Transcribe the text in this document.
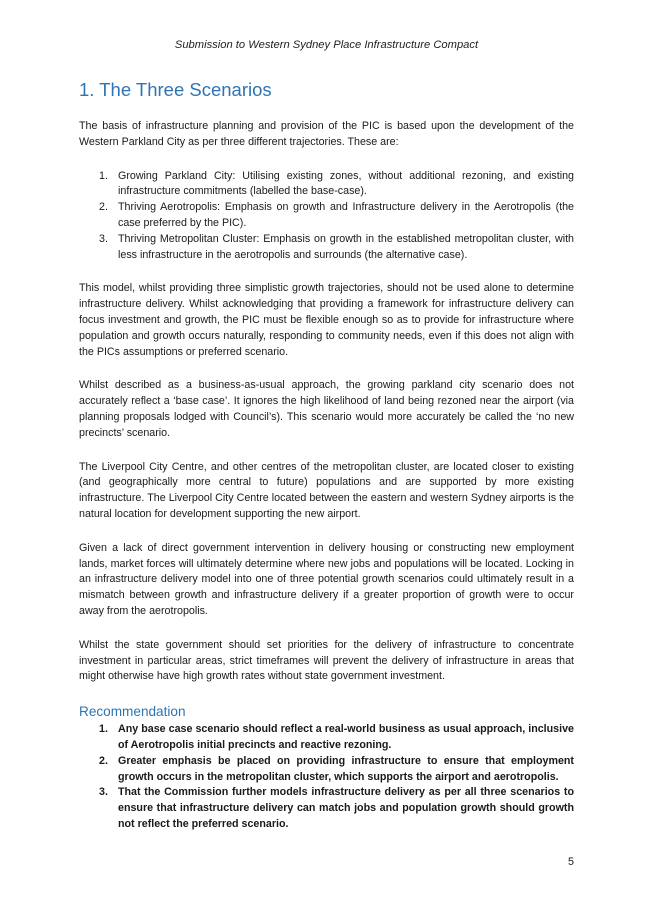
Submission to Western Sydney Place Infrastructure Compact
1. The Three Scenarios

The basis of infrastructure planning and provision of the PIC is based upon the development of the Western Parkland City as per three different trajectories. These are:

1. Growing Parkland City: Utilising existing zones, without additional rezoning, and existing infrastructure commitments (labelled the base-case).
2. Thriving Aerotropolis: Emphasis on growth and Infrastructure delivery in the Aerotropolis (the case preferred by the PIC).
3. Thriving Metropolitan Cluster: Emphasis on growth in the established metropolitan cluster, with less infrastructure in the aerotropolis and surrounds (the alternative case).

This model, whilst providing three simplistic growth trajectories, should not be used alone to determine infrastructure delivery. Whilst acknowledging that providing a framework for infrastructure delivery can focus investment and growth, the PIC must be flexible enough so as to provide for infrastructure where population and growth occurs naturally, responding to community needs, even if this does not align with the PICs assumptions or preferred scenario.

Whilst described as a business-as-usual approach, the growing parkland city scenario does not accurately reflect a ‘base case’. It ignores the high likelihood of land being rezoned near the airport (via planning proposals lodged with Council’s). This scenario would more accurately be called the ‘no new precincts’ scenario.

The Liverpool City Centre, and other centres of the metropolitan cluster, are located closer to existing (and geographically more central to future) populations and are supported by more existing infrastructure. The Liverpool City Centre located between the eastern and western Sydney airports is the natural location for development supporting the new airport.

Given a lack of direct government intervention in delivery housing or constructing new employment lands, market forces will ultimately determine where new jobs and populations will be located. Locking in an infrastructure delivery model into one of three potential growth scenarios could ultimately result in a mismatch between growth and infrastructure delivery if a greater proportion of growth were to occur away from the aerotropolis.

Whilst the state government should set priorities for the delivery of infrastructure to concentrate investment in particular areas, strict timeframes will prevent the delivery of infrastructure in areas that might otherwise have high growth rates without state government investment.

Recommendation
1. Any base case scenario should reflect a real-world business as usual approach, inclusive of Aerotropolis initial precincts and reactive rezoning.
2. Greater emphasis be placed on providing infrastructure to ensure that employment growth occurs in the metropolitan cluster, which supports the airport and aerotropolis.
3. That the Commission further models infrastructure delivery as per all three scenarios to ensure that infrastructure delivery can match jobs and population growth should growth not reflect the preferred scenario.
5
